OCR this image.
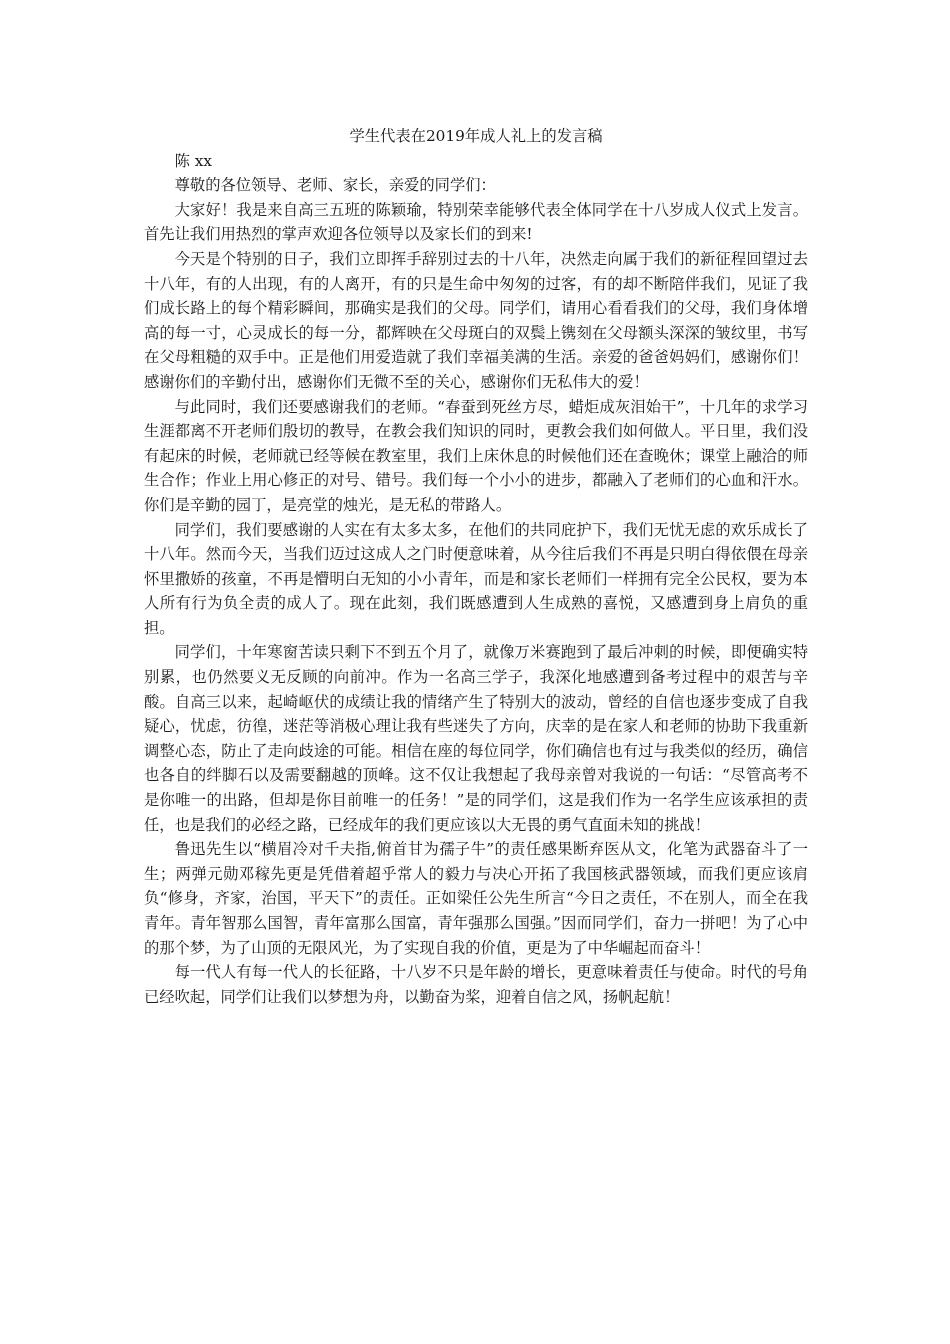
学生代表在2019年成人礼上的发言稿

陈 xx

尊敬的各位领导、老师、家长，亲爱的同学们：

大家好！我是来自高三五班的陈颖瑜，特别荣幸能够代表全体同学在十八岁成人仪式上发言。首先让我们用热烈的掌声欢迎各位领导以及家长们的到来!

今天是个特别的日子，我们立即挥手辞别过去的十八年，决然走向属于我们的新征程回望过去十八年，有的人出现，有的人离开，有的只是生命中匆匆的过客，有的却不断陪伴我们，见证了我们成长路上的每个精彩瞬间，那确实是我们的父母。同学们，请用心看看我们的父母，我们身体增高的每一寸，心灵成长的每一分，都辉映在父母斑白的双鬓上镌刻在父母额头深深的皱纹里，书写在父母粗糙的双手中。正是他们用爱造就了我们幸福美满的生活。亲爱的爸爸妈妈们，感谢你们！感谢你们的辛勤付出，感谢你们无微不至的关心，感谢你们无私伟大的爱！

与此同时，我们还要感谢我们的老师。“春蚕到死丝方尽，蜡炬成灰泪始干”，十几年的求学习生涯都离不开老师们殷切的教导，在教会我们知识的同时，更教会我们如何做人。平日里，我们没有起床的时候，老师就已经等候在教室里，我们上床休息的时候他们还在查晚休；课堂上融洽的师生合作；作业上用心修正的对号、错号。我们每一个小小的进步，都融入了老师们的心血和汗水。你们是辛勤的园丁，是亮堂的烛光，是无私的带路人。

同学们，我们要感谢的人实在有太多太多，在他们的共同庇护下，我们无忧无虑的欢乐成长了十八年。然而今天，当我们迈过这成人之门时便意味着，从今往后我们不再是只明白得依偎在母亲怀里撒娇的孩童，不再是懵明白无知的小小青年，而是和家长老师们一样拥有完全公民权，要为本人所有行为负全责的成人了。现在此刻，我们既感遭到人生成熟的喜悦，又感遭到身上肩负的重担。

同学们，十年寒窗苦读只剩下不到五个月了，就像万米赛跑到了最后冲刺的时候，即便确实特别累，也仍然要义无反顾的向前冲。作为一名高三学子，我深化地感遭到备考过程中的艰苦与辛酸。自高三以来，起崎岖伏的成绩让我的情绪产生了特别大的波动，曾经的自信也逐步变成了自我疑心，忧虑，彷徨，迷茫等消极心理让我有些迷失了方向，庆幸的是在家人和老师的协助下我重新调整心态，防止了走向歧途的可能。相信在座的每位同学，你们确信也有过与我类似的经历，确信也各自的绊脚石以及需要翻越的顶峰。这不仅让我想起了我母亲曾对我说的一句话：“尽管高考不是你唯一的出路，但却是你目前唯一的任务！”是的同学们，这是我们作为一名学生应该承担的责任，也是我们的必经之路，已经成年的我们更应该以大无畏的勇气直面未知的挑战！

鲁迅先生以“横眉冷对千夫指,俯首甘为孺子牛”的责任感果断弃医从文，化笔为武器奋斗了一生；两弹元勋邓稼先更是凭借着超乎常人的毅力与决心开拓了我国核武器领域，而我们更应该肩负“修身，齐家，治国，平天下”的责任。正如梁任公先生所言“今日之责任，不在别人，而全在我青年。青年智那么国智，青年富那么国富，青年强那么国强。”因而同学们，奋力一拼吧！为了心中的那个梦，为了山顶的无限风光，为了实现自我的价值，更是为了中华崛起而奋斗！

每一代人有每一代人的长征路，十八岁不只是年龄的增长，更意味着责任与使命。时代的号角已经吹起，同学们让我们以梦想为舟，以勤奋为桨，迎着自信之风，扬帆起航！
